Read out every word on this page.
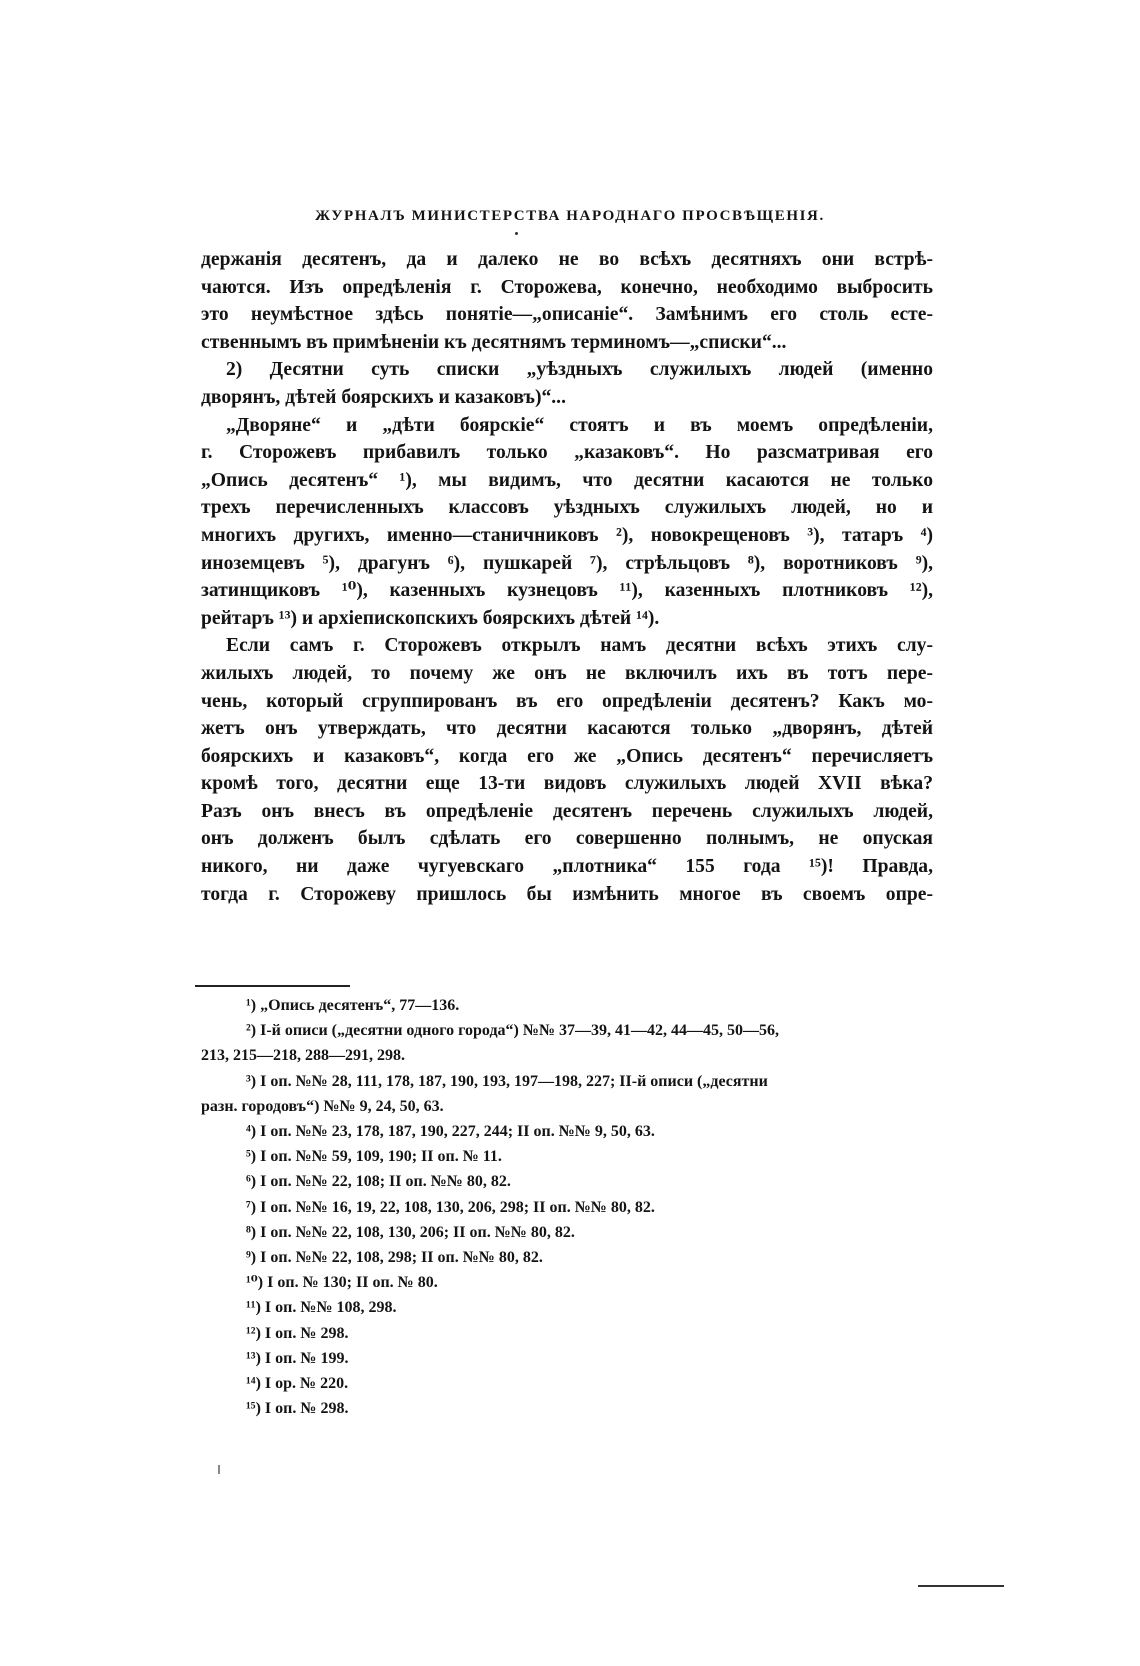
ЖУРНАЛЪ МИНИСТЕРСТВА НАРОДНАГО ПРОСВѢЩЕНІЯ.
держанія десятенъ, да и далеко не во всѣхъ десятняхъ они встрѣ-
чаются. Изъ опредѣленія г. Сторожева, конечно, необходимо выбросить
это неумѣстное здѣсь понятіе—„описаніе“. Замѣнимъ его столь есте-
ственнымъ въ примѣненіи къ десятнямъ терминомъ—„списки“...
2) Десятни суть списки „уѣздныхъ служилыхъ людей (именно
дворянъ, дѣтей боярскихъ и казаковъ)“...
„Дворяне“ и „дѣти боярскіе“ стоятъ и въ моемъ опредѣленіи,
г. Сторожевъ прибавилъ только „казаковъ“. Но разсматривая его
„Опись десятенъ“ ¹), мы видимъ, что десятни касаются не только
трехъ перечисленныхъ классовъ уѣздныхъ служилыхъ людей, но и
многихъ другихъ, именно—станичниковъ ²), новокрещеновъ ³), татаръ ⁴)
иноземцевъ ⁵), драгунъ ⁶), пушкарей ⁷), стрѣльцовъ ⁸), воротниковъ ⁹),
затинщиковъ ¹⁰), казенныхъ кузнецовъ ¹¹), казенныхъ плотниковъ ¹²),
рейтаръ ¹³) и архіепископскихъ боярскихъ дѣтей ¹⁴).
Если самъ г. Сторожевъ открылъ намъ десятни всѣхъ этихъ слу-
жилыхъ людей, то почему же онъ не включилъ ихъ въ тотъ пере-
чень, который сгруппированъ въ его опредѣленіи десятенъ? Какъ мо-
жетъ онъ утверждать, что десятни касаются только „дворянъ, дѣтей
боярскихъ и казаковъ“, когда его же „Опись десятенъ“ перечисляетъ
кромѣ того, десятни еще 13-ти видовъ служилыхъ людей XVII вѣка?
Разъ онъ внесъ въ опредѣленіе десятенъ перечень служилыхъ людей,
онъ долженъ былъ сдѣлать его совершенно полнымъ, не опуская
никого, ни даже чугуевскаго „плотника“ 155 года ¹⁵)! Правда,
тогда г. Сторожеву пришлось бы измѣнить многое въ своемъ опре-
¹) „Опись десятенъ“, 77—136.
²) I-й описи („десятни одного города“) №№ 37—39, 41—42, 44—45, 50—56,
213, 215—218, 288—291, 298.
³) I оп. №№ 28, 111, 178, 187, 190, 193, 197—198, 227; II-й описи („десятни
разн. городовъ“) №№ 9, 24, 50, 63.
⁴) I оп. №№ 23, 178, 187, 190, 227, 244; II оп. №№ 9, 50, 63.
⁵) I оп. №№ 59, 109, 190; II оп. № 11.
⁶) I оп. №№ 22, 108; II оп. №№ 80, 82.
⁷) I оп. №№ 16, 19, 22, 108, 130, 206, 298; II оп. №№ 80, 82.
⁸) I оп. №№ 22, 108, 130, 206; II оп. №№ 80, 82.
⁹) I оп. №№ 22, 108, 298; II оп. №№ 80, 82.
¹⁰) I оп. № 130; II оп. № 80.
¹¹) I оп. №№ 108, 298.
¹²) I оп. № 298.
¹³) I оп. № 199.
¹⁴) I ор. № 220.
¹⁵) I оп. № 298.
